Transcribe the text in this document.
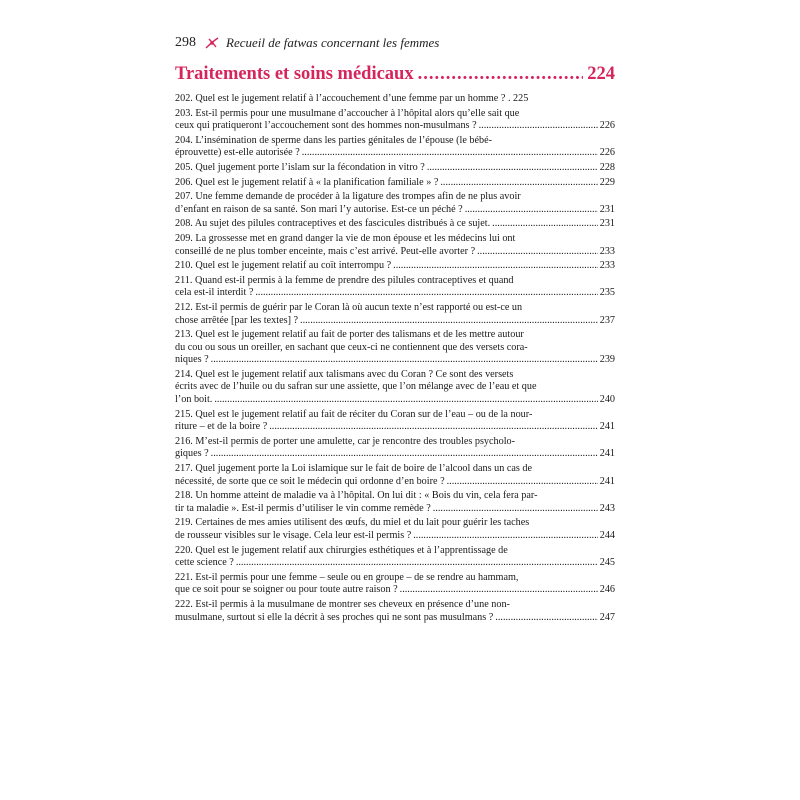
298 Recueil de fatwas concernant les femmes
Traitements et soins médicaux .....	224
202. Quel est le jugement relatif à l’accouchement d’une femme par un homme ? . 225
203. Est-il permis pour une musulmane d’accoucher à l’hôpital alors qu’elle sait que
ceux qui pratiqueront l’accouchement sont des hommes non-musulmans ? .....	226
204. L’insémination de sperme dans les parties génitales de l’épouse (le bébé-
éprouvette) est-elle autorisée ? .....	226
205. Quel jugement porte l’islam sur la fécondation in vitro ? .....	228
206. Quel est le jugement relatif à « la planification familiale » ? .....	229
207. Une femme demande de procéder à la ligature des trompes afin de ne plus avoir
d’enfant en raison de sa santé. Son mari l’y autorise. Est-ce un péché ? .....	231
208. Au sujet des pilules contraceptives et des fascicules distribués à ce sujet. .....	231
209. La grossesse met en grand danger la vie de mon épouse et les médecins lui ont
conseillé de ne plus tomber enceinte, mais c’est arrivé. Peut-elle avorter ? .....	233
210. Quel est le jugement relatif au coït interrompu ? .....	233
211. Quand est-il permis à la femme de prendre des pilules contraceptives et quand
cela est-il interdit ? .....	235
212. Est-il permis de guérir par le Coran là où aucun texte n’est rapporté ou est-ce un
chose arrêtée [par les textes] ? .....	237
213. Quel est le jugement relatif au fait de porter des talismans et de les mettre autour
du cou ou sous un oreiller, en sachant que ceux-ci ne contiennent que des versets cora-
niques ? .....	239
214. Quel est le jugement relatif aux talismans avec du Coran ? Ce sont des versets
écrits avec de l’huile ou du safran sur une assiette, que l’on mélange avec de l’eau et que
l’on boit. .....	240
215. Quel est le jugement relatif au fait de réciter du Coran sur de l’eau – ou de la nour-
riture – et de la boire ? .....	241
216. M’est-il permis de porter une amulette, car je rencontre des troubles psycholo-
giques ? .....	241
217. Quel jugement porte la Loi islamique sur le fait de boire de l’alcool dans un cas de
nécessité, de sorte que ce soit le médecin qui ordonne d’en boire ? .....	241
218. Un homme atteint de maladie va à l’hôpital. On lui dit : « Bois du vin, cela fera par-
tir ta maladie ». Est-il permis d’utiliser le vin comme remède ? .....	243
219. Certaines de mes amies utilisent des œufs, du miel et du lait pour guérir les taches
de rousseur visibles sur le visage. Cela leur est-il permis ? .....	244
220. Quel est le jugement relatif aux chirurgies esthétiques et à l’apprentissage de
cette science ? .....	245
221. Est-il permis pour une femme – seule ou en groupe – de se rendre au hammam,
que ce soit pour se soigner ou pour toute autre raison ? .....	246
222. Est-il permis à la musulmane de montrer ses cheveux en présence d’une non-
musulmane, surtout si elle la décrit à ses proches qui ne sont pas musulmans ? .....	247
